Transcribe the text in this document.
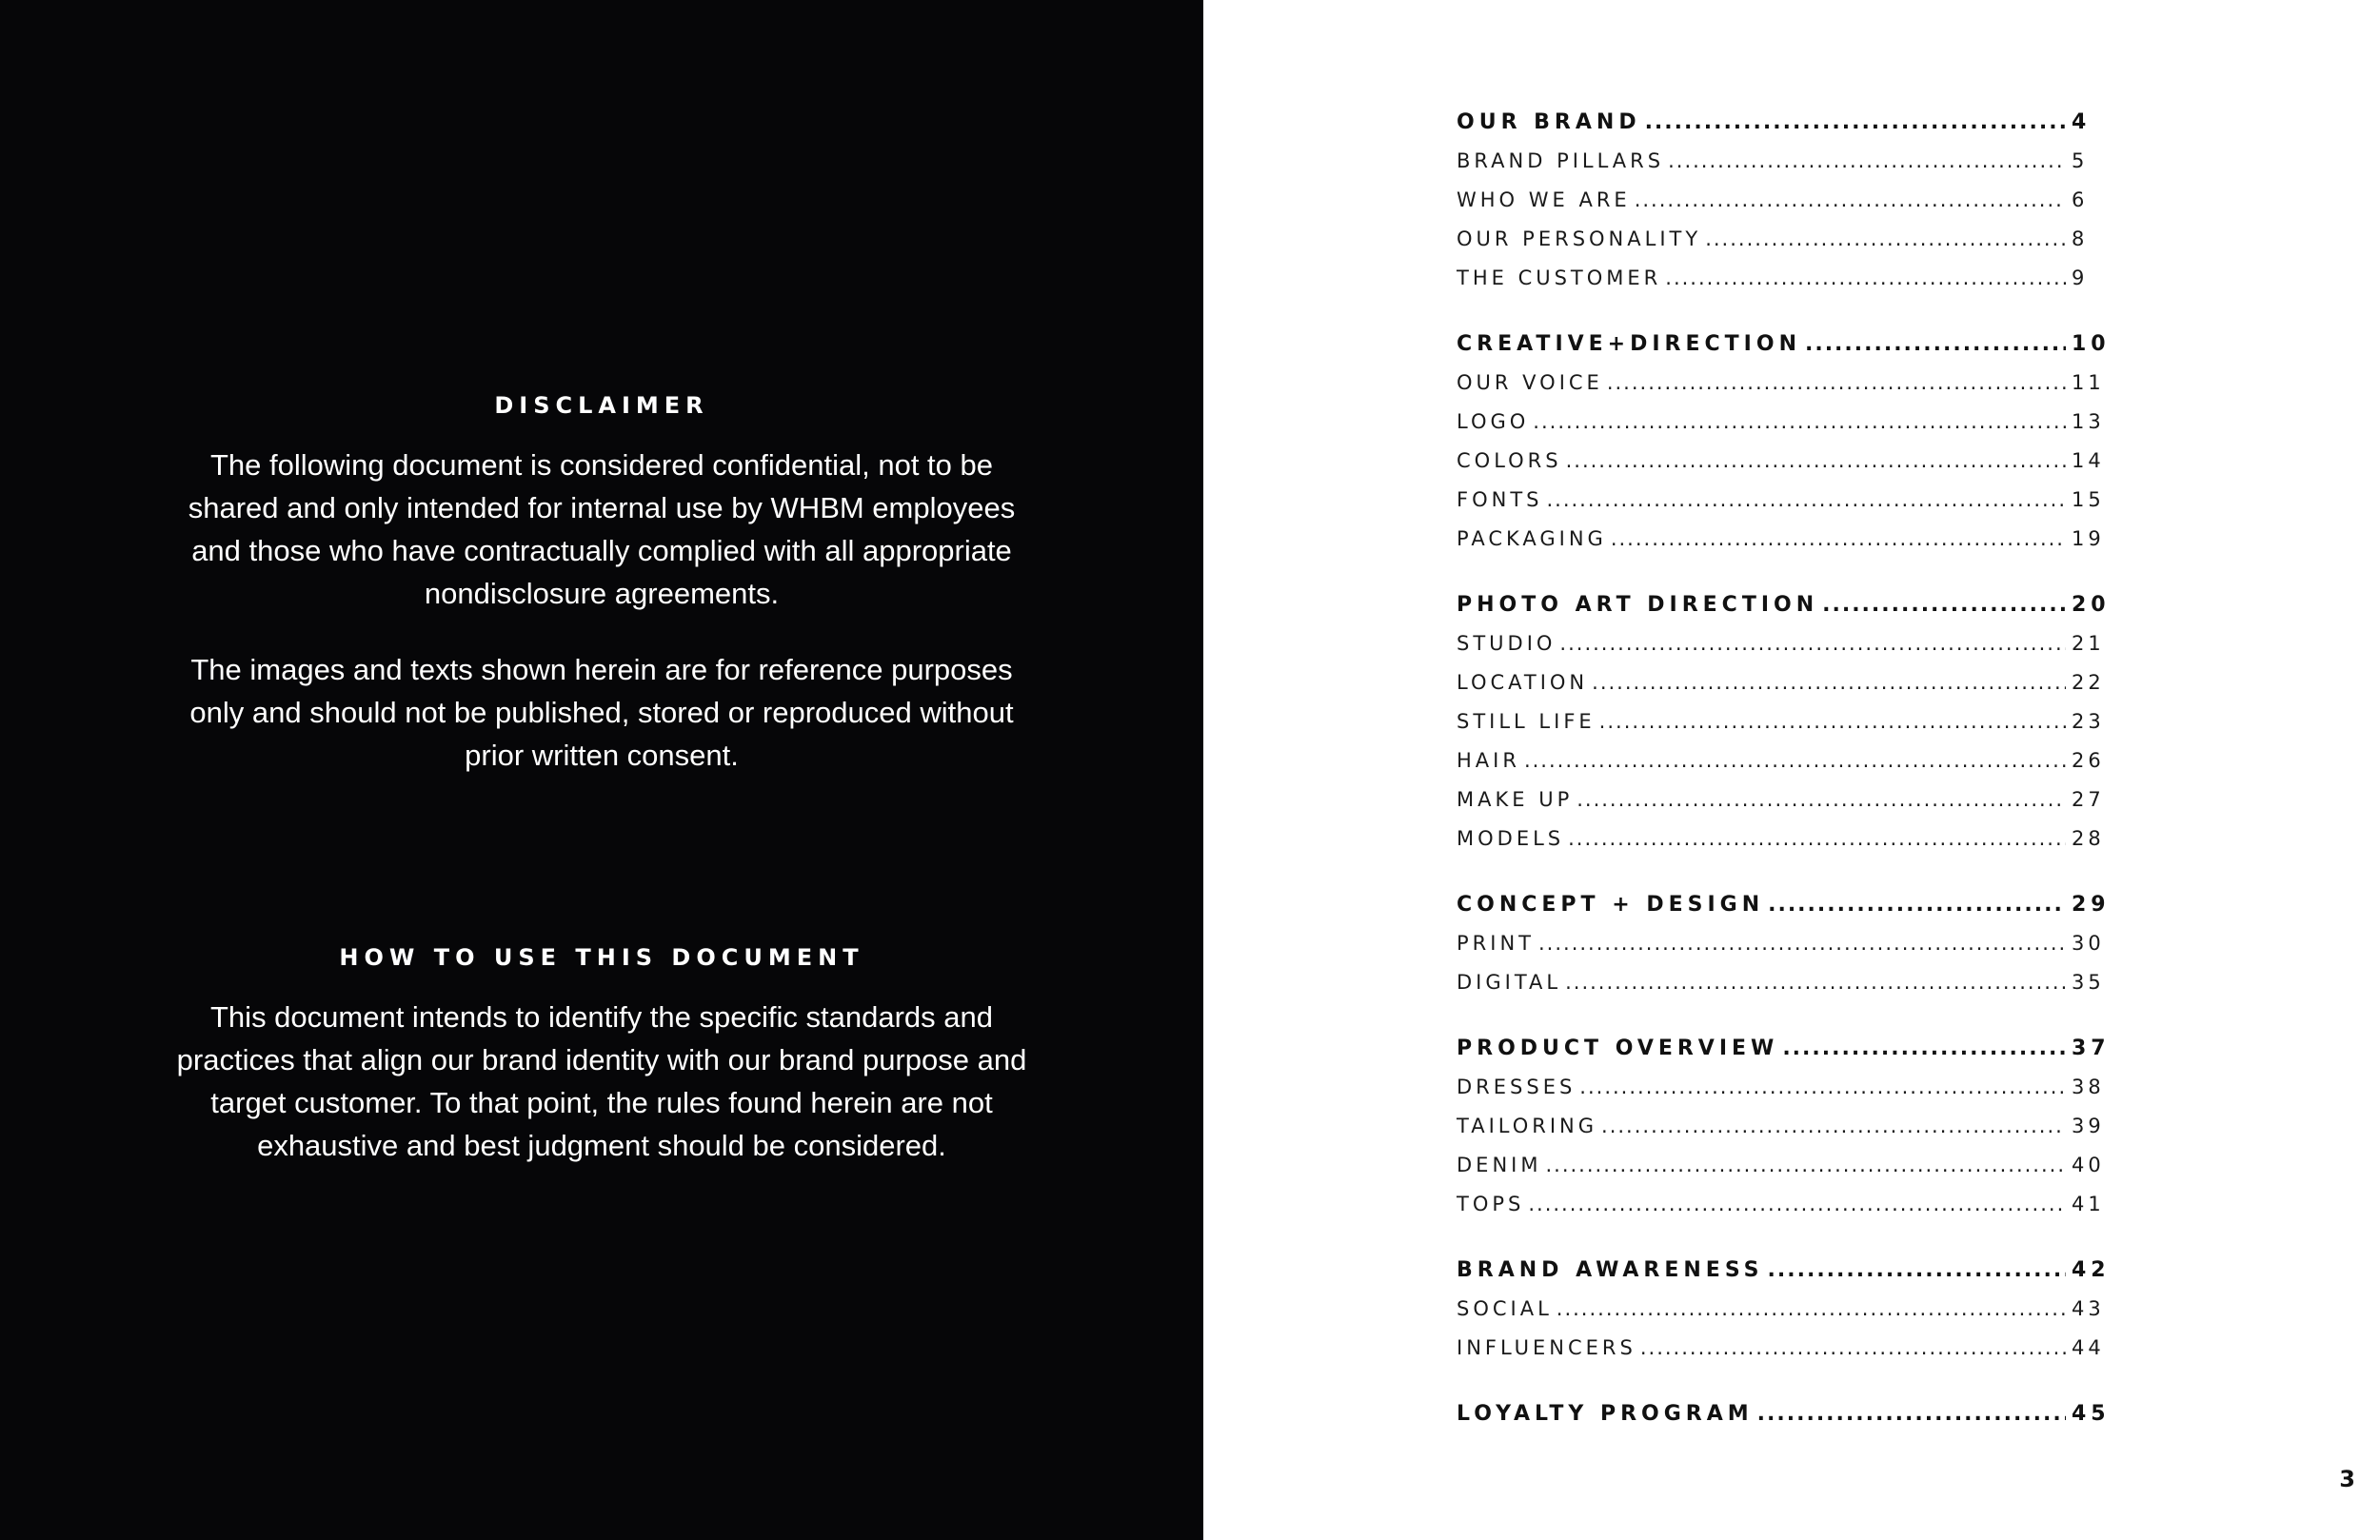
DISCLAIMER

The following document is considered confidential, not to be shared and only intended for internal use by WHBM employees and those who have contractually complied with all appropriate nondisclosure agreements.

The images and texts shown herein are for reference purposes only and should not be published, stored or reproduced without prior written consent.

HOW TO USE THIS DOCUMENT

This document intends to identify the specific standards and practices that align our brand identity with our brand purpose and target customer. To that point, the rules found herein are not exhaustive and best judgment should be considered.

OUR BRAND .....	4
BRAND PILLARS .....	5
WHO WE ARE .....	6
OUR PERSONALITY .....	8
THE CUSTOMER .....	9
CREATIVE+DIRECTION .....	10
OUR VOICE .....	11
LOGO .....	13
COLORS .....	14
FONTS .....	15
PACKAGING .....	19
PHOTO ART DIRECTION .....	20
STUDIO .....	21
LOCATION .....	22
STILL LIFE .....	23
HAIR .....	26
MAKE UP .....	27
MODELS .....	28
CONCEPT + DESIGN .....	29
PRINT .....	30
DIGITAL .....	35
PRODUCT OVERVIEW .....	37
DRESSES .....	38
TAILORING .....	39
DENIM .....	40
TOPS .....	41
BRAND AWARENESS .....	42
SOCIAL .....	43
INFLUENCERS .....	44
LOYALTY PROGRAM .....	45
3
